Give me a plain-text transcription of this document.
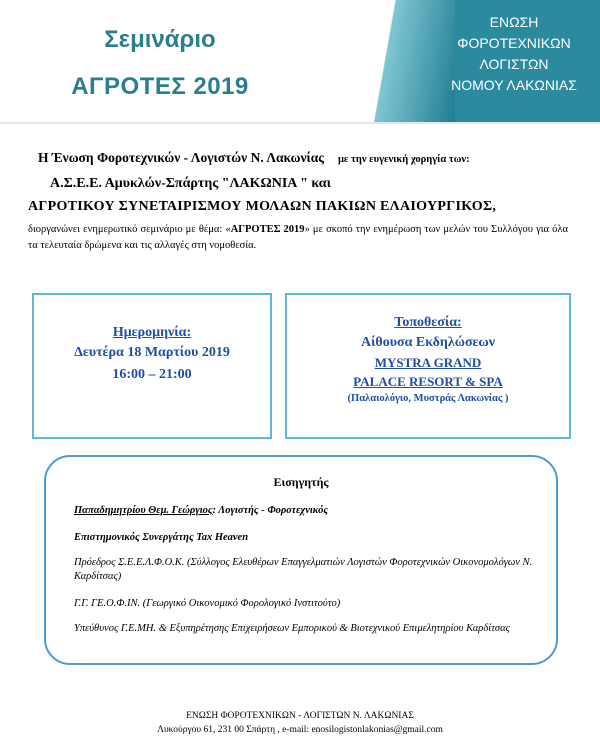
Σεμινάριο
ΑΓΡΟΤΕΣ 2019
ΕΝΩΣΗ
ΦΟΡΟΤΕΧΝΙΚΩΝ
ΛΟΓΙΣΤΩΝ
ΝΟΜΟΥ ΛΑΚΩΝΙΑΣ
Η Ένωση Φοροτεχνικών - Λογιστών Ν. Λακωνίας με την ευγενική χορηγία των:
Α.Σ.Ε.Ε. Αμυκλών-Σπάρτης "ΛΑΚΩΝΙΑ " και
ΑΓΡΟΤΙΚΟΥ ΣΥΝΕΤΑΙΡΙΣΜΟΥ ΜΟΛΑΩΝ ΠΑΚΙΩΝ ΕΛΑΙΟΥΡΓΙΚΟΣ,
διοργανώνει ενημερωτικό σεμινάριο με θέμα: «ΑΓΡΟΤΕΣ 2019» με σκοπό την ενημέρωση των μελών του Συλλόγου για όλα τα τελευταία δρώμενα και τις αλλαγές στη νομοθεσία.
Ημερομηνία:
Δευτέρα 18 Μαρτίου 2019
16:00 – 21:00
Τοποθεσία:
Αίθουσα Εκδηλώσεων
MYSTRA GRAND
PALACE RESORT & SPA
(Παλαιολόγιο, Μυστράς Λακωνίας )
Εισηγητής
Παπαδημητρίου Θεμ. Γεώργιος: Λογιστής - Φοροτεχνικός
Επιστημονικός Συνεργάτης Tax Heaven
Πρόεδρος Σ.Ε.Ε.Λ.Φ.Ο.Κ. (Σύλλογος Ελευθέρων Επαγγελματιών Λογιστών Φοροτεχνικών Οικονομολόγων Ν. Καρδίτσας)
Γ.Γ. ΓΕ.Ο.Φ.ΙΝ. (Γεωργικό Οικονομικό Φορολογικό Ινστιτούτο)
Υπεύθυνος Γ.Ε.ΜΗ. & Εξυπηρέτησης Επιχειρήσεων Εμπορικού & Βιοτεχνικού Επιμελητηρίου Καρδίτσας
ΕΝΩΣΗ ΦΟΡΟΤΕΧΝΙΚΩΝ - ΛΟΓΙΣΤΩΝ Ν. ΛΑΚΩΝΙΑΣ
Λυκούργου 61, 231 00 Σπάρτη , e-mail: enosilogistonlakonias@gmail.com
